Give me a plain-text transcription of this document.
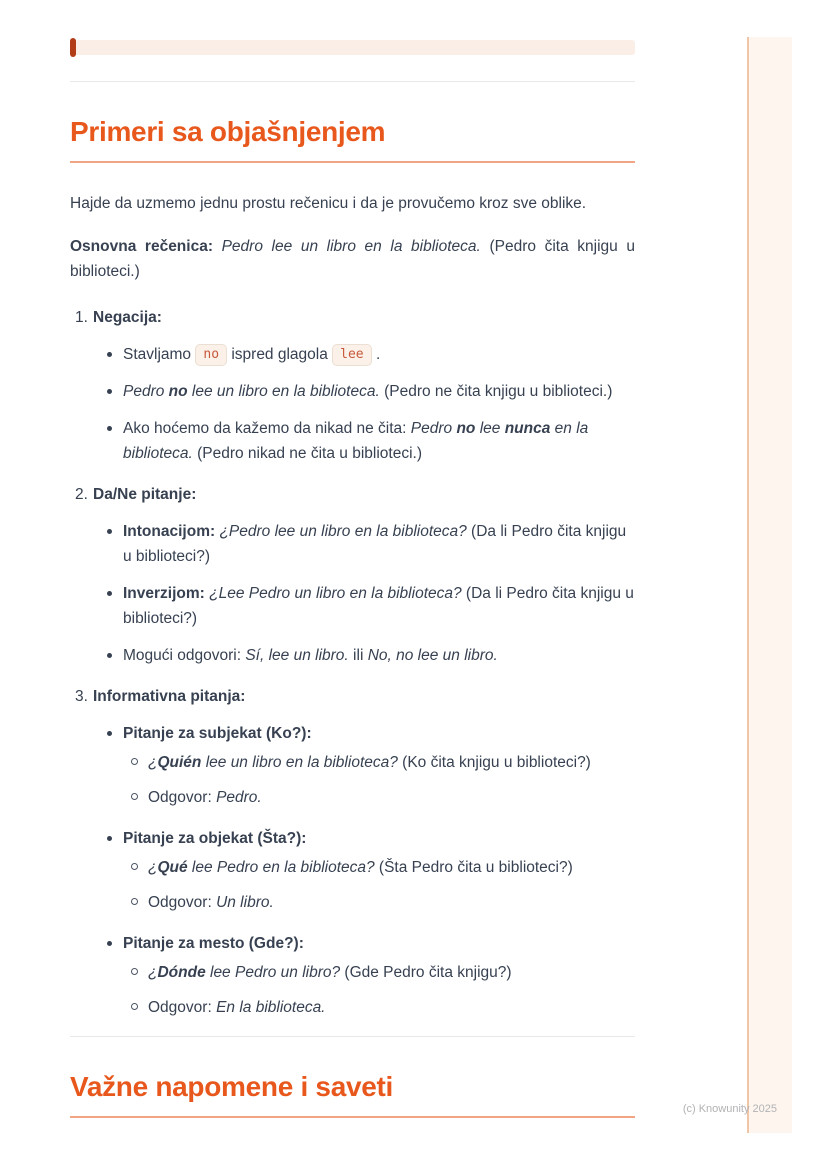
(c) Knowunity 2025
Primeri sa objašnjenjem

Hajde da uzmemo jednu prostu rečenicu i da je provučemo kroz sve oblike.

Osnovna rečenica: Pedro lee un libro en la biblioteca. (Pedro čita knjigu u biblioteci.)

1. Negacija:
Stavljamo no ispred glagola lee .
Pedro no lee un libro en la biblioteca. (Pedro ne čita knjigu u biblioteci.)
Ako hoćemo da kažemo da nikad ne čita: Pedro no lee nunca en la biblioteca. (Pedro nikad ne čita u biblioteci.)
2. Da/Ne pitanje:
Intonacijom: ¿Pedro lee un libro en la biblioteca? (Da li Pedro čita knjigu u biblioteci?)
Inverzijom: ¿Lee Pedro un libro en la biblioteca? (Da li Pedro čita knjigu u biblioteci?)
Mogući odgovori: Sí, lee un libro. ili No, no lee un libro.
3. Informativna pitanja:
Pitanje za subjekat (Ko?):
¿Quién lee un libro en la biblioteca? (Ko čita knjigu u biblioteci?)
Odgovor: Pedro.
Pitanje za objekat (Šta?):
¿Qué lee Pedro en la biblioteca? (Šta Pedro čita u biblioteci?)
Odgovor: Un libro.
Pitanje za mesto (Gde?):
¿Dónde lee Pedro un libro? (Gde Pedro čita knjigu?)
Odgovor: En la biblioteca.
Važne napomene i saveti
